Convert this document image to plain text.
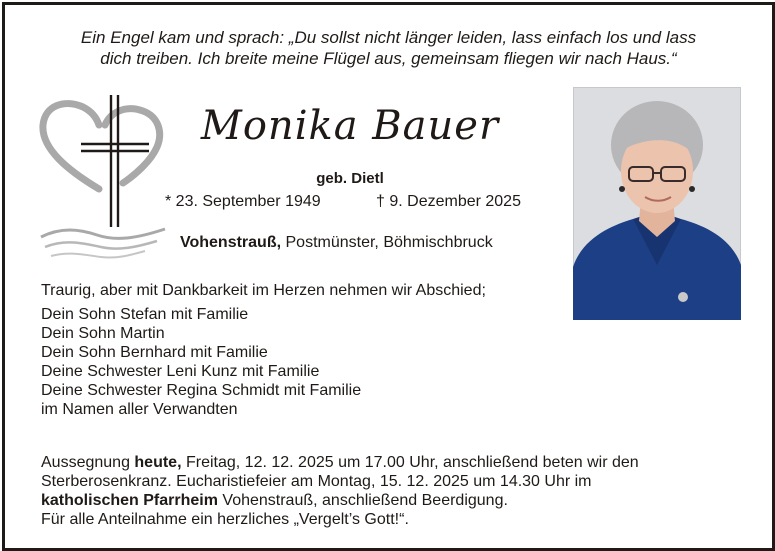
Ein Engel kam und sprach: „Du sollst nicht länger leiden, lass einfach los und lass
dich treiben. Ich breite meine Flügel aus, gemeinsam fliegen wir nach Haus.“
Monika Bauer
geb. Dietl
* 23. September 1949	† 9. Dezember 2025
Vohenstrauß, Postmünster, Böhmischbruck
Traurig, aber mit Dankbarkeit im Herzen nehmen wir Abschied;
Dein Sohn Stefan mit Familie
Dein Sohn Martin
Dein Sohn Bernhard mit Familie
Deine Schwester Leni Kunz mit Familie
Deine Schwester Regina Schmidt mit Familie
im Namen aller Verwandten
Aussegnung heute, Freitag, 12. 12. 2025 um 17.00 Uhr, anschließend beten wir den
Sterberosenkranz. Eucharistiefeier am Montag, 15. 12. 2025 um 14.30 Uhr im
katholischen Pfarrheim Vohenstrauß, anschließend Beerdigung.
Für alle Anteilnahme ein herzliches „Vergelt’s Gott!“.
